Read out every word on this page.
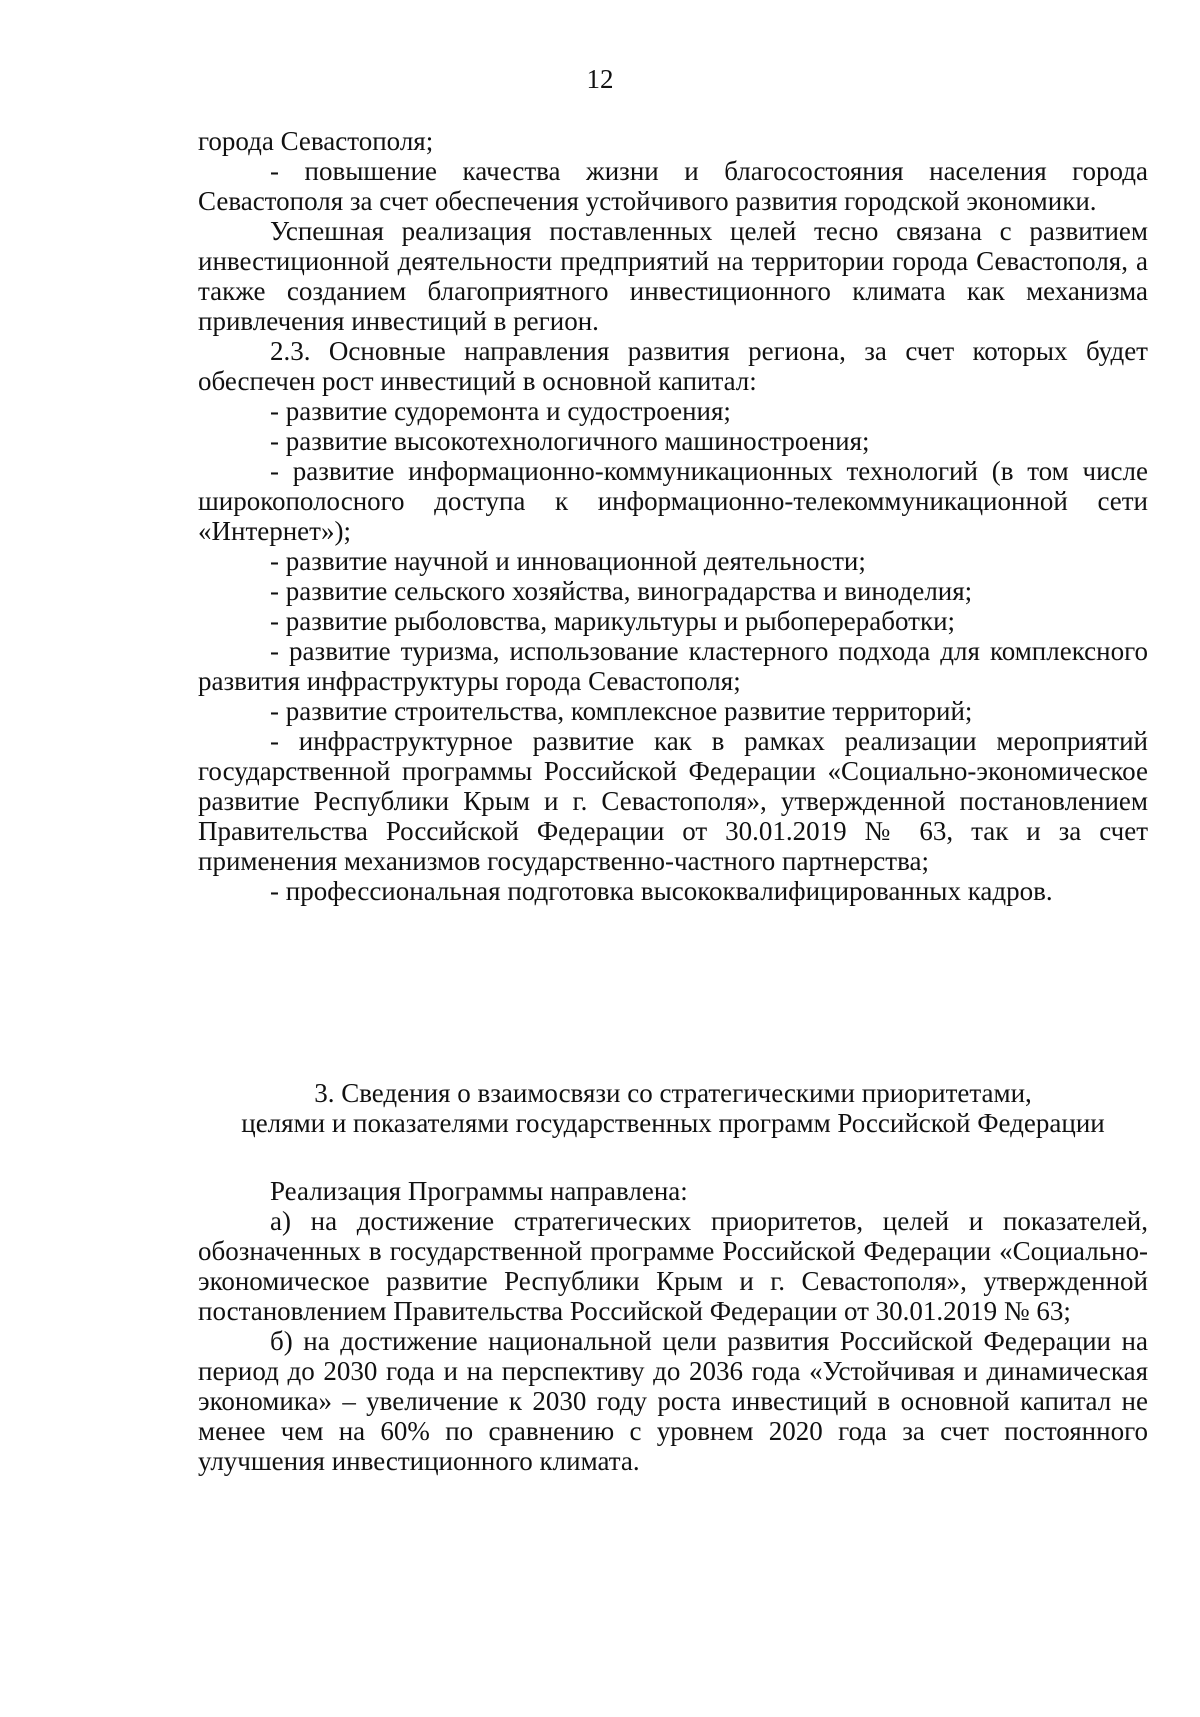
12

города Севастополя;

- повышение качества жизни и благосостояния населения города Севастополя за счет обеспечения устойчивого развития городской экономики.

Успешная реализация поставленных целей тесно связана с развитием инвестиционной деятельности предприятий на территории города Севастополя, а также созданием благоприятного инвестиционного климата как механизма привлечения инвестиций в регион.

2.3. Основные направления развития региона, за счет которых будет обеспечен рост инвестиций в основной капитал:

- развитие судоремонта и судостроения;

- развитие высокотехнологичного машиностроения;

- развитие информационно-коммуникационных технологий (в том числе широкополосного доступа к информационно-телекоммуникационной сети «Интернет»);

- развитие научной и инновационной деятельности;

- развитие сельского хозяйства, виноградарства и виноделия;

- развитие рыболовства, марикультуры и рыбопереработки;

- развитие туризма, использование кластерного подхода для комплексного развития инфраструктуры города Севастополя;

- развитие строительства, комплексное развитие территорий;

- инфраструктурное развитие как в рамках реализации мероприятий государственной программы Российской Федерации «Социально-экономическое развитие Республики Крым и г. Севастополя», утвержденной постановлением Правительства Российской Федерации от 30.01.2019 № 63, так и за счет применения механизмов государственно-частного партнерства;

- профессиональная подготовка высококвалифицированных кадров.

3. Сведения о взаимосвязи со стратегическими приоритетами,

целями и показателями государственных программ Российской Федерации

Реализация Программы направлена:

а) на достижение стратегических приоритетов, целей и показателей, обозначенных в государственной программе Российской Федерации «Социально-экономическое развитие Республики Крым и г. Севастополя», утвержденной постановлением Правительства Российской Федерации от 30.01.2019 № 63;

б) на достижение национальной цели развития Российской Федерации на период до 2030 года и на перспективу до 2036 года «Устойчивая и динамическая экономика» – увеличение к 2030 году роста инвестиций в основной капитал не менее чем на 60% по сравнению с уровнем 2020 года за счет постоянного улучшения инвестиционного климата.
